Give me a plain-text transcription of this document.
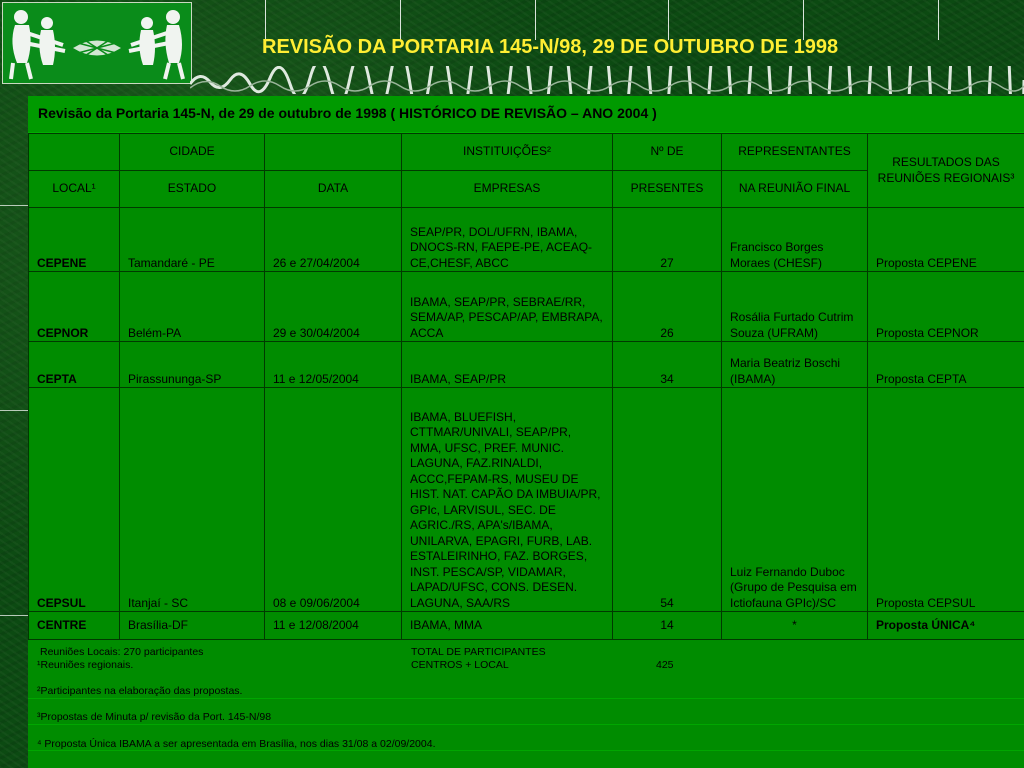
REVISÃO DA PORTARIA 145-N/98, 29 DE OUTUBRO DE 1998
Revisão da Portaria 145-N, de 29 de outubro de 1998 ( HISTÓRICO DE REVISÃO – ANO 2004 )
	CIDADE		INSTITUIÇÕES²	Nº DE	REPRESENTANTES	RESULTADOS DAS REUNIÕES REGIONAIS³
LOCAL¹	ESTADO	DATA	EMPRESAS	PRESENTES	NA REUNIÃO FINAL	
CEPENE	Tamandaré - PE	26 e 27/04/2004	SEAP/PR, DOL/UFRN, IBAMA, DNOCS-RN, FAEPE-PE, ACEAQ-CE,CHESF, ABCC	27	Francisco Borges Moraes (CHESF)	Proposta CEPENE
CEPNOR	Belém-PA	29 e 30/04/2004	IBAMA, SEAP/PR, SEBRAE/RR, SEMA/AP, PESCAP/AP, EMBRAPA, ACCA	26	Rosália Furtado Cutrim Souza (UFRAM)	Proposta CEPNOR
CEPTA	Pirassununga-SP	11 e 12/05/2004	IBAMA, SEAP/PR	34	Maria Beatriz Boschi (IBAMA)	Proposta CEPTA
CEPSUL	Itanjaí - SC	08 e 09/06/2004	IBAMA, BLUEFISH, CTTMAR/UNIVALI, SEAP/PR, MMA, UFSC, PREF. MUNIC. LAGUNA, FAZ.RINALDI, ACCC,FEPAM-RS, MUSEU DE HIST. NAT. CAPÃO DA IMBUIA/PR, GPIc, LARVISUL, SEC. DE AGRIC./RS, APA's/IBAMA, UNILARVA, EPAGRI, FURB, LAB. ESTALEIRINHO, FAZ. BORGES, INST. PESCA/SP, VIDAMAR, LAPAD/UFSC, CONS. DESEN. LAGUNA, SAA/RS	54	Luiz Fernando Duboc (Grupo de Pesquisa em Ictiofauna GPIc)/SC	Proposta CEPSUL
CENTRE	Brasília-DF	11 e 12/08/2004	IBAMA, MMA	14	*	Proposta ÚNICA⁴
Reuniões Locais: 270 participantes
¹Reuniões regionais.
TOTAL DE PARTICIPANTES
CENTROS + LOCAL	425
²Participantes na elaboração das propostas.
³Propostas de Minuta p/ revisão da Port. 145-N/98
⁴ Proposta Única IBAMA a ser apresentada em Brasília, nos dias 31/08 a 02/09/2004.
